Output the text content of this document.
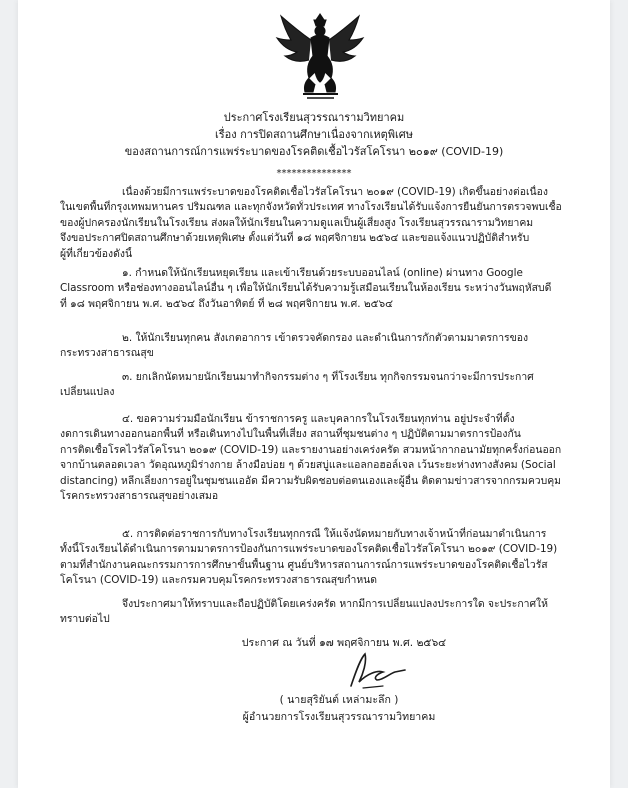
ประกาศโรงเรียนสุวรรณารามวิทยาคม
เรื่อง การปิดสถานศึกษาเนื่องจากเหตุพิเศษ
ของสถานการณ์การแพร่ระบาดของโรคติดเชื้อไวรัสโคโรนา ๒๐๑๙ (COVID-19)
***************
เนื่องด้วยมีการแพร่ระบาดของโรคติดเชื้อไวรัสโคโรนา ๒๐๑๙ (COVID-19) เกิดขึ้นอย่างต่อเนื่อง
ในเขตพื้นที่กรุงเทพมหานคร ปริมณฑล และทุกจังหวัดทั่วประเทศ ทางโรงเรียนได้รับแจ้งการยืนยันการตรวจพบเชื้อ
ของผู้ปกครองนักเรียนในโรงเรียน ส่งผลให้นักเรียนในความดูแลเป็นผู้เสี่ยงสูง โรงเรียนสุวรรณารามวิทยาคม
จึงขอประกาศปิดสถานศึกษาด้วยเหตุพิเศษ ตั้งแต่วันที่ ๑๘ พฤศจิกายน ๒๕๖๔ และขอแจ้งแนวปฏิบัติสำหรับ
ผู้ที่เกี่ยวข้องดังนี้
๑. กำหนดให้นักเรียนหยุดเรียน และเข้าเรียนด้วยระบบออนไลน์ (online) ผ่านทาง Google
Classroom หรือช่องทางออนไลน์อื่น ๆ เพื่อให้นักเรียนได้รับความรู้เสมือนเรียนในห้องเรียน ระหว่างวันพฤหัสบดี
ที่ ๑๘ พฤศจิกายน พ.ศ. ๒๕๖๔ ถึงวันอาทิตย์ ที่ ๒๘ พฤศจิกายน พ.ศ. ๒๕๖๔
๒. ให้นักเรียนทุกคน สังเกตอาการ เข้าตรวจคัดกรอง และดำเนินการกักตัวตามมาตรการของ
กระทรวงสาธารณสุข
๓. ยกเลิกนัดหมายนักเรียนมาทำกิจกรรมต่าง ๆ ที่โรงเรียน ทุกกิจกรรมจนกว่าจะมีการประกาศ
เปลี่ยนแปลง
๔. ขอความร่วมมือนักเรียน ข้าราชการครู และบุคลากรในโรงเรียนทุกท่าน อยู่ประจำที่ตั้ง
งดการเดินทางออกนอกพื้นที่ หรือเดินทางไปในพื้นที่เสี่ยง สถานที่ชุมชนต่าง ๆ ปฏิบัติตามมาตรการป้องกัน
การติดเชื้อโรคไวรัสโคโรนา ๒๐๑๙ (COVID-19) และรายงานอย่างเคร่งครัด สวมหน้ากากอนามัยทุกครั้งก่อนออก
จากบ้านตลอดเวลา วัดอุณหภูมิร่างกาย ล้างมือบ่อย ๆ ด้วยสบู่และแอลกอฮอล์เจล เว้นระยะห่างทางสังคม (Social
distancing) หลีกเลี่ยงการอยู่ในชุมชนแออัด มีความรับผิดชอบต่อตนเองและผู้อื่น ติดตามข่าวสารจากกรมควบคุม
โรคกระทรวงสาธารณสุขอย่างเสมอ
๕. การติดต่อราชการกับทางโรงเรียนทุกกรณี ให้แจ้งนัดหมายกับทางเจ้าหน้าที่ก่อนมาดำเนินการ
ทั้งนี้โรงเรียนได้ดำเนินการตามมาตรการป้องกันการแพร่ระบาดของโรคติดเชื้อไวรัสโคโรนา ๒๐๑๙ (COVID-19)
ตามที่สำนักงานคณะกรรมการการศึกษาขั้นพื้นฐาน ศูนย์บริหารสถานการณ์การแพร่ระบาดของโรคติดเชื้อไวรัส
โคโรนา (COVID-19) และกรมควบคุมโรคกระทรวงสาธารณสุขกำหนด
จึงประกาศมาให้ทราบและถือปฏิบัติโดยเคร่งครัด หากมีการเปลี่ยนแปลงประการใด จะประกาศให้
ทราบต่อไป
ประกาศ ณ วันที่ ๑๗ พฤศจิกายน พ.ศ. ๒๕๖๔
( นายสุริยันต์ เหล่ามะลึก )
ผู้อำนวยการโรงเรียนสุวรรณารามวิทยาคม
